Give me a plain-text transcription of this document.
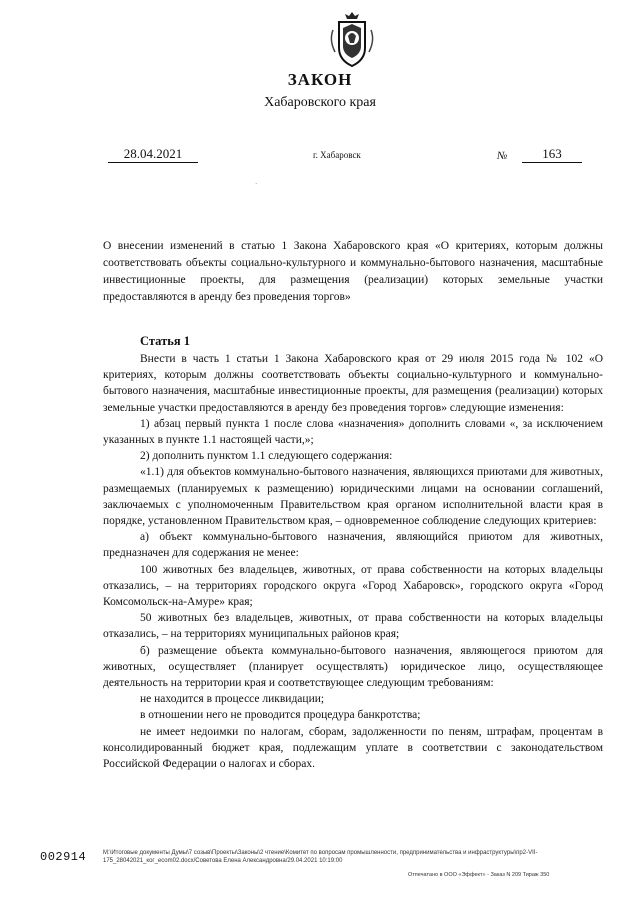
ЗАКОН
Хабаровского края
28.04.2021	г. Хабаровск	№	163
·
О внесении изменений в статью 1 Закона Хабаровского края «О критериях, которым должны соответствовать объекты социально-культурного и коммунально-бытового назначения, масштабные инвестиционные проекты, для размещения (реализации) которых земельные участки предоставляются в аренду без проведения торгов»
Статья 1

Внести в часть 1 статьи 1 Закона Хабаровского края от 29 июля 2015 года № 102 «О критериях, которым должны соответствовать объекты социально-культурного и коммунально-бытового назначения, масштабные инвестиционные проекты, для размещения (реализации) которых земельные участки предоставляются в аренду без проведения торгов» следующие изменения:

1) абзац первый пункта 1 после слова «назначения» дополнить словами «, за исключением указанных в пункте 1.1 настоящей части,»;

2) дополнить пунктом 1.1 следующего содержания:

«1.1) для объектов коммунально-бытового назначения, являющихся приютами для животных, размещаемых (планируемых к размещению) юридическими лицами на основании соглашений, заключаемых с уполномоченным Правительством края органом исполнительной власти края в порядке, установленном Правительством края, – одновременное соблюдение следующих критериев:

а) объект коммунально-бытового назначения, являющийся приютом для животных, предназначен для содержания не менее:

100 животных без владельцев, животных, от права собственности на которых владельцы отказались, – на территориях городского округа «Город Хабаровск», городского округа «Город Комсомольск-на-Амуре» края;

50 животных без владельцев, животных, от права собственности на которых владельцы отказались, – на территориях муниципальных районов края;

б) размещение объекта коммунально-бытового назначения, являющегося приютом для животных, осуществляет (планирует осуществлять) юридическое лицо, осуществляющее деятельность на территории края и соответствующее следующим требованиям:

не находится в процессе ликвидации;

в отношении него не проводится процедура банкротства;

не имеет недоимки по налогам, сборам, задолженности по пеням, штрафам, процентам в консолидированный бюджет края, подлежащим уплате в соответствии с законодательством Российской Федерации о налогах и сборах.

002914	M:\Итоговые документы Думы\7 созыв\Проекты\Законы\2 чтение\Комитет по вопросам промышленности, предпринимательства и инфраструктуры\пр2-VII-175_28042021_ког_ecom02.docx/Советова Елена Александровна/29.04.2021 10:19:00
Отпечатано в ООО «Эффект» - Заказ N 209 Тираж 350
